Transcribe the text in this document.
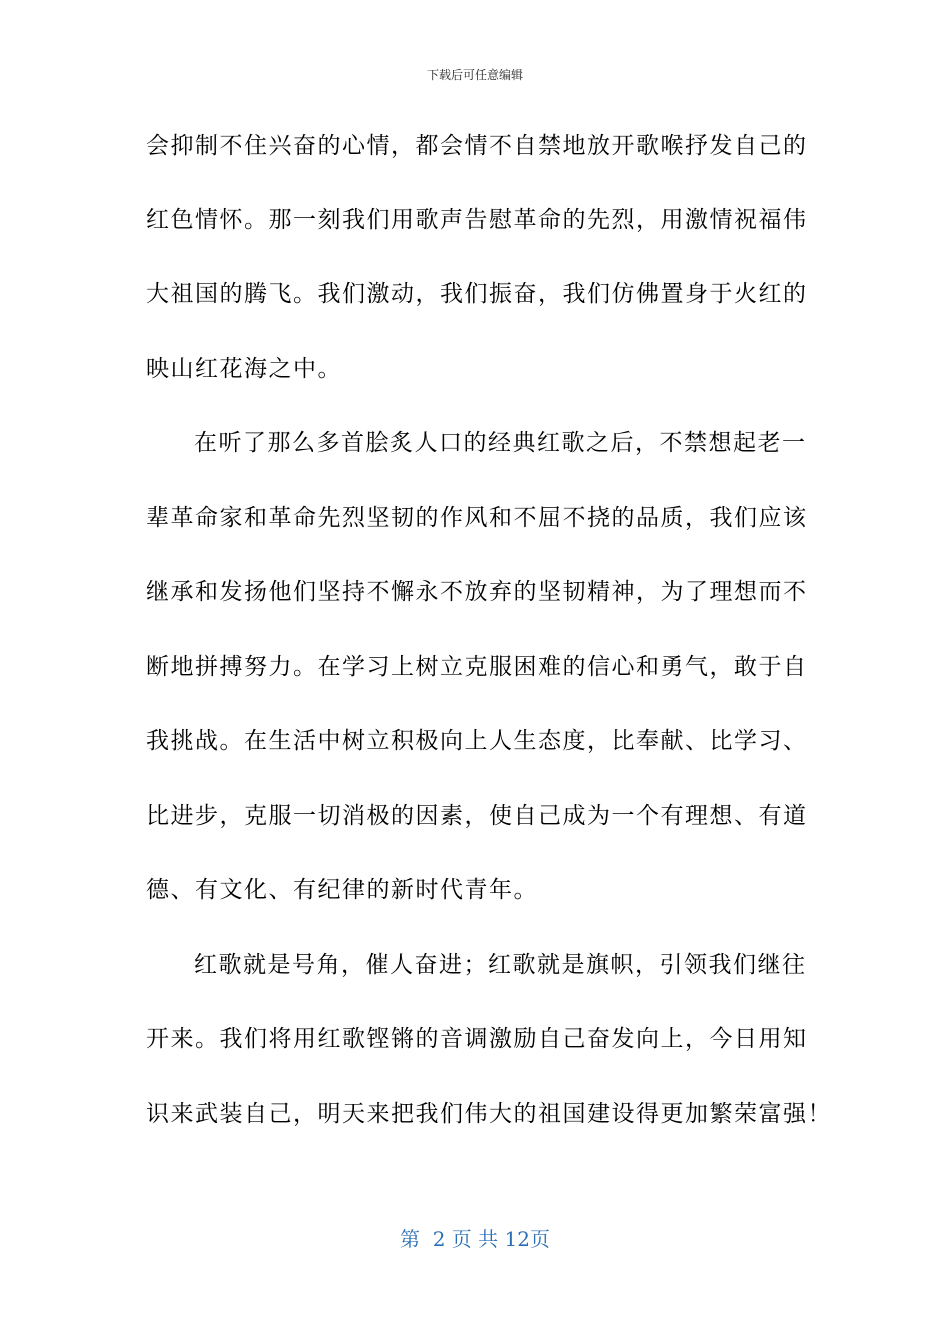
下载后可任意编辑
会抑制不住兴奋的心情，都会情不自禁地放开歌喉抒发自己的
红色情怀。那一刻我们用歌声告慰革命的先烈，用激情祝福伟
大祖国的腾飞。我们激动，我们振奋，我们仿佛置身于火红的
映山红花海之中。
在听了那么多首脍炙人口的经典红歌之后，不禁想起老一
辈革命家和革命先烈坚韧的作风和不屈不挠的品质，我们应该
继承和发扬他们坚持不懈永不放弃的坚韧精神，为了理想而不
断地拼搏努力。在学习上树立克服困难的信心和勇气，敢于自
我挑战。在生活中树立积极向上人生态度，比奉献、比学习、
比进步，克服一切消极的因素，使自己成为一个有理想、有道
德、有文化、有纪律的新时代青年。
红歌就是号角，催人奋进；红歌就是旗帜，引领我们继往
开来。我们将用红歌铿锵的音调激励自己奋发向上，今日用知
识来武装自己，明天来把我们伟大的祖国建设得更加繁荣富强！
第  2 页 共 12页
